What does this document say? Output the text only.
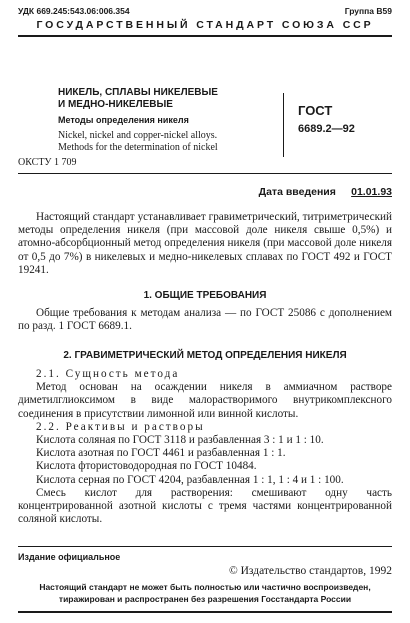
УДК 669.245:543.06:006.354	Группа В59
ГОСУДАРСТВЕННЫЙ СТАНДАРТ СОЮЗА ССР
НИКЕЛЬ, СПЛАВЫ НИКЕЛЕВЫЕ
И МЕДНО-НИКЕЛЕВЫЕ
Методы определения никеля
Nickel, nickel and copper-nickel alloys.
Methods for the determination of nickel
ГОСТ
6689.2—92
ОКСТУ 1 709
Дата введения 01.01.93

Настоящий стандарт устанавливает гравиметрический, титриметрический методы определения никеля (при массовой доле никеля свыше 0,5%) и атомно-абсорбционный метод определения никеля (при массовой доле никеля от 0,5 до 7%) в никелевых и медно-никелевых сплавах по ГОСТ 492 и ГОСТ 19241.

1. ОБЩИЕ ТРЕБОВАНИЯ

Общие требования к методам анализа — по ГОСТ 25086 с дополнением по разд. 1 ГОСТ 6689.1.

2. ГРАВИМЕТРИЧЕСКИЙ МЕТОД ОПРЕДЕЛЕНИЯ НИКЕЛЯ

2.1. Сущность метода

Метод основан на осаждении никеля в аммиачном растворе диметилглиоксимом в виде малорастворимого внутрикомплексного соединения в присутствии лимонной или винной кислоты.

2.2. Реактивы и растворы

Кислота соляная по ГОСТ 3118 и разбавленная 3 : 1 и 1 : 10.

Кислота азотная по ГОСТ 4461 и разбавленная 1 : 1.

Кислота фтористоводородная по ГОСТ 10484.

Кислота серная по ГОСТ 4204, разбавленная 1 : 1, 1 : 4 и 1 : 100.

Смесь кислот для растворения: смешивают одну часть концентрированной азотной кислоты с тремя частями концентрированной соляной кислоты.

Издание официальное
© Издательство стандартов, 1992
Настоящий стандарт не может быть полностью или частично воспроизведен, тиражирован и распространен без разрешения Госстандарта России
